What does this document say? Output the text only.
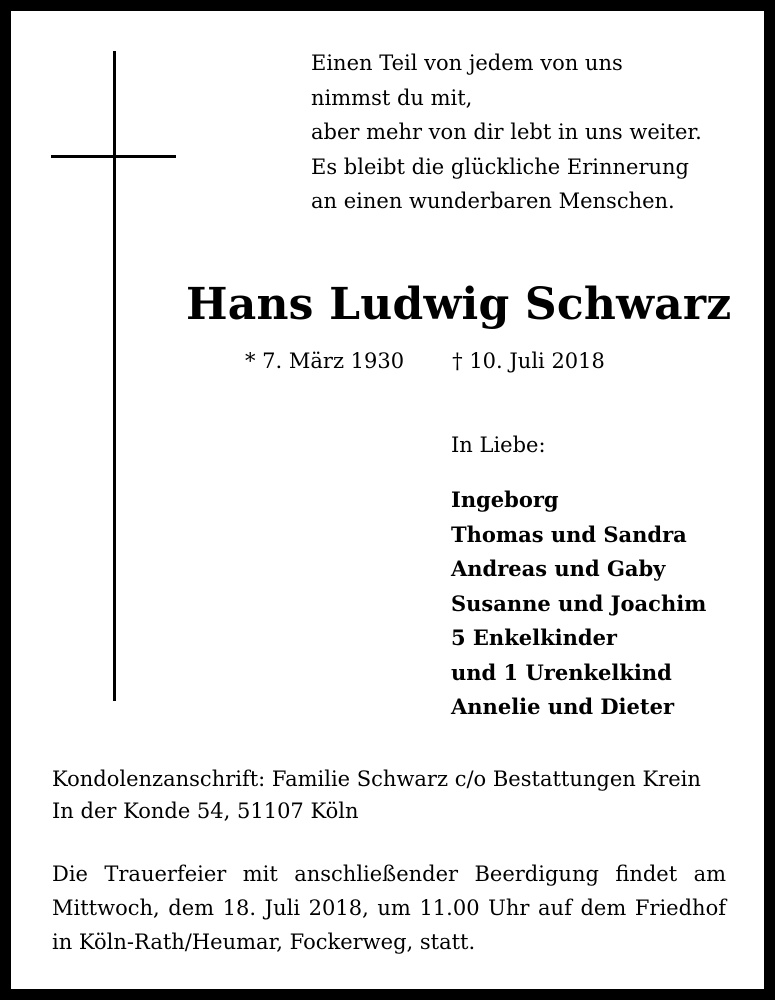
Einen Teil von jedem von uns
nimmst du mit,
aber mehr von dir lebt in uns weiter.
Es bleibt die glückliche Erinnerung
an einen wunderbaren Menschen.
Hans Ludwig Schwarz
* 7. März 1930 † 10. Juli 2018
In Liebe:
Ingeborg
Thomas und Sandra
Andreas und Gaby
Susanne und Joachim
5 Enkelkinder
und 1 Urenkelkind
Annelie und Dieter
Kondolenzanschrift: Familie Schwarz c/o Bestattungen Krein
In der Konde 54, 51107 Köln
Die Trauerfeier mit anschließender Beerdigung findet am Mittwoch, dem 18. Juli 2018, um 11.00 Uhr auf dem Friedhof in Köln-Rath/Heumar, Fockerweg, statt.
